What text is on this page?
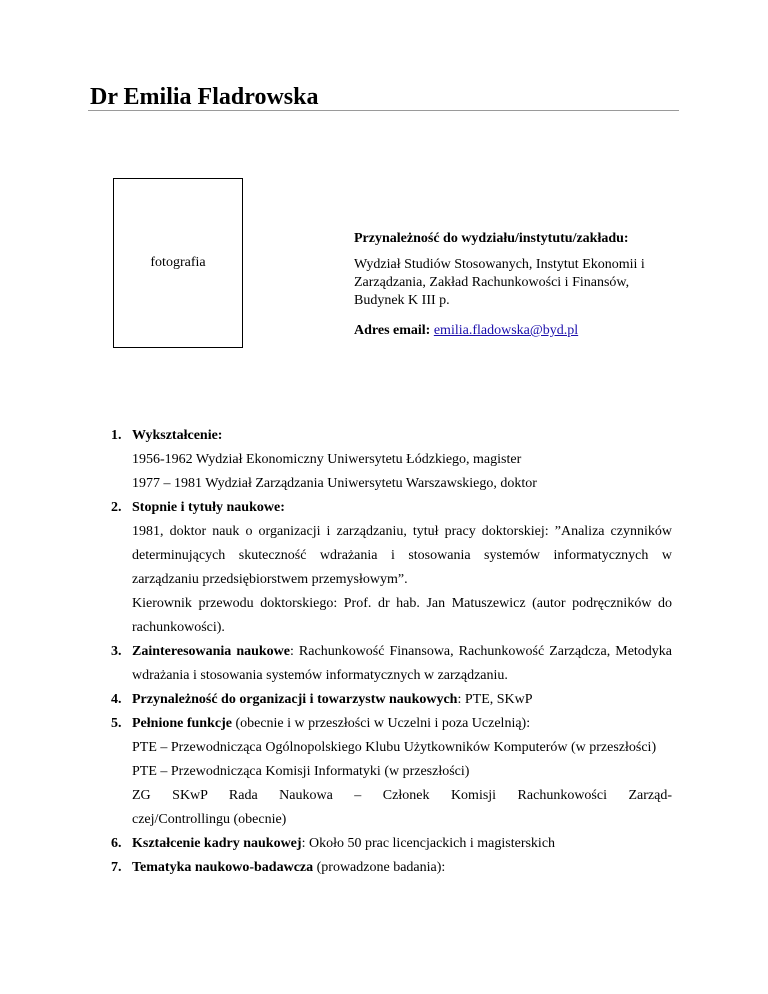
Dr Emilia Fladrowska
fotografia
Przynależność do wydziału/instytutu/zakładu:
Wydział Studiów Stosowanych, Instytut Ekonomii i Zarządzania, Zakład Rachunkowości i Finansów, Budynek K III p.
Adres email: emilia.fladowska@byd.pl
1. Wykształcenie:
1956-1962 Wydział Ekonomiczny Uniwersytetu Łódzkiego, magister
1977 – 1981 Wydział Zarządzania Uniwersytetu Warszawskiego, doktor
2. Stopnie i tytuły naukowe:
1981, doktor nauk o organizacji i zarządzaniu, tytuł pracy doktorskiej: ”Analiza czynników determinujących skuteczność wdrażania i stosowania systemów informatycznych w zarządzaniu przedsiębiorstwem przemysłowym”.
Kierownik przewodu doktorskiego: Prof. dr hab. Jan Matuszewicz (autor podręczników do rachunkowości).
3. Zainteresowania naukowe: Rachunkowość Finansowa, Rachunkowość Zarządcza, Metodyka wdrażania i stosowania systemów informatycznych w zarządzaniu.
4. Przynależność do organizacji i towarzystw naukowych: PTE, SKwP
5. Pełnione funkcje (obecnie i w przeszłości w Uczelni i poza Uczelnią):
PTE – Przewodnicząca Ogólnopolskiego Klubu Użytkowników Komputerów (w przeszłości)
PTE – Przewodnicząca Komisji Informatyki (w przeszłości)
ZG SKwP Rada Naukowa – Członek Komisji Rachunkowości Zarząd-
czej/Controllingu (obecnie)
6. Kształcenie kadry naukowej: Około 50 prac licencjackich i magisterskich
7. Tematyka naukowo-badawcza (prowadzone badania):
